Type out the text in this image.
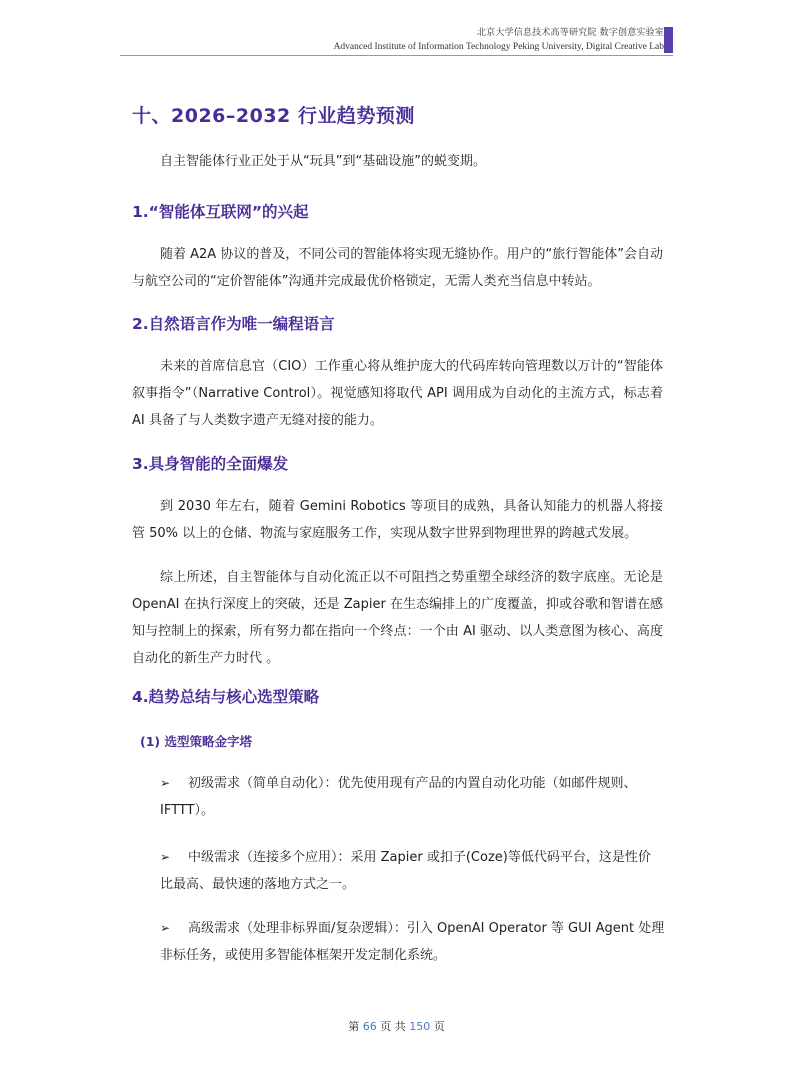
北京大学信息技术高等研究院 数字创意实验室
Advanced Institute of Information Technology Peking University, Digital Creative Lab
十、2026–2032 行业趋势预测

自主智能体行业正处于从“玩具”到“基础设施”的蜕变期。

1.“智能体互联网”的兴起

随着 A2A 协议的普及，不同公司的智能体将实现无缝协作。用户的“旅行智能体”会自动与航空公司的“定价智能体”沟通并完成最优价格锁定，无需人类充当信息中转站。

2.自然语言作为唯一编程语言

未来的首席信息官（CIO）工作重心将从维护庞大的代码库转向管理数以万计的“智能体叙事指令”（Narrative Control）。视觉感知将取代 API 调用成为自动化的主流方式，标志着 AI 具备了与人类数字遗产无缝对接的能力。

3.具身智能的全面爆发

到 2030 年左右，随着 Gemini Robotics 等项目的成熟，具备认知能力的机器人将接管 50% 以上的仓储、物流与家庭服务工作，实现从数字世界到物理世界的跨越式发展。

综上所述，自主智能体与自动化流正以不可阻挡之势重塑全球经济的数字底座。无论是 OpenAI 在执行深度上的突破，还是 Zapier 在生态编排上的广度覆盖，抑或谷歌和智谱在感知与控制上的探索，所有努力都在指向一个终点：一个由 AI 驱动、以人类意图为核心、高度自动化的新生产力时代 。

4.趋势总结与核心选型策略
(1) 选型策略金字塔
➢ 初级需求（简单自动化）：优先使用现有产品的内置自动化功能（如邮件规则、
IFTTT）。
➢ 中级需求（连接多个应用）：采用 Zapier 或扣子(Coze)等低代码平台，这是性价
比最高、最快速的落地方式之一。
➢ 高级需求（处理非标界面/复杂逻辑）：引入 OpenAI Operator 等 GUI Agent 处理
非标任务，或使用多智能体框架开发定制化系统。
第 66 页 共 150 页
